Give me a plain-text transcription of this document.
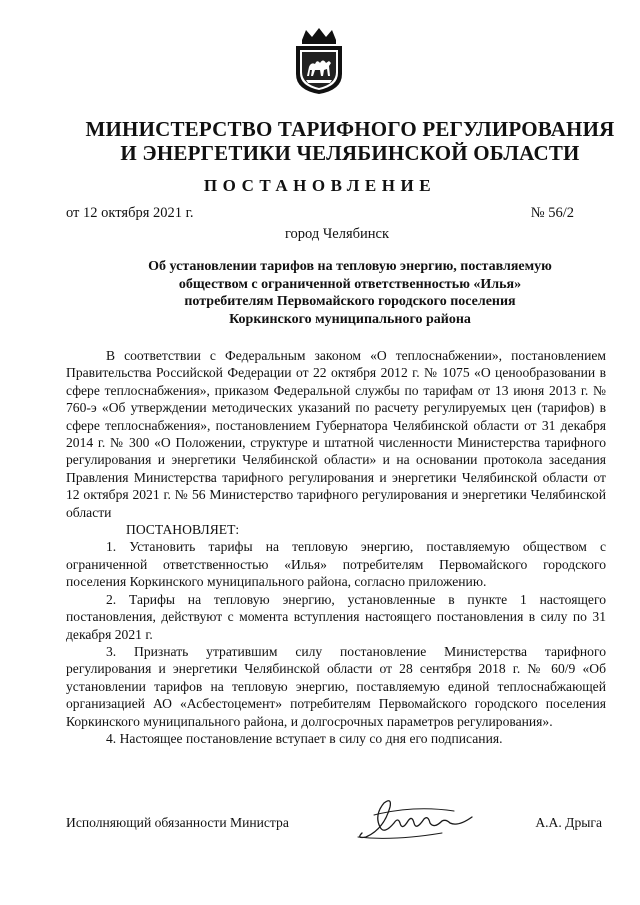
МИНИСТЕРСТВО ТАРИФНОГО РЕГУЛИРОВАНИЯ
И ЭНЕРГЕТИКИ ЧЕЛЯБИНСКОЙ ОБЛАСТИ
ПОСТАНОВЛЕНИЕ
от 12 октября 2021 г.	№ 56/2
город Челябинск
Об установлении тарифов на тепловую энергию, поставляемую
обществом с ограниченной ответственностью «Илья»
потребителям Первомайского городского поселения
Коркинского муниципального района

В соответствии с Федеральным законом «О теплоснабжении», постановлением Правительства Российской Федерации от 22 октября 2012 г. № 1075 «О ценообразовании в сфере теплоснабжения», приказом Федеральной службы по тарифам от 13 июня 2013 г. № 760-э «Об утверждении методических указаний по расчету регулируемых цен (тарифов) в сфере теплоснабжения», постановлением Губернатора Челябинской области от 31 декабря 2014 г. № 300 «О Положении, структуре и штатной численности Министерства тарифного регулирования и энергетики Челябинской области» и на основании протокола заседания Правления Министерства тарифного регулирования и энергетики Челябинской области от 12 октября 2021 г. № 56 Министерство тарифного регулирования и энергетики Челябинской области

ПОСТАНОВЛЯЕТ:

1. Установить тарифы на тепловую энергию, поставляемую обществом с ограниченной ответственностью «Илья» потребителям Первомайского городского поселения Коркинского муниципального района, согласно приложению.

2. Тарифы на тепловую энергию, установленные в пункте 1 настоящего постановления, действуют с момента вступления настоящего постановления в силу по 31 декабря 2021 г.

3. Признать утратившим силу постановление Министерства тарифного регулирования и энергетики Челябинской области от 28 сентября 2018 г. № 60/9 «Об установлении тарифов на тепловую энергию, поставляемую единой теплоснабжающей организацией АО «Асбестоцемент» потребителям Первомайского городского поселения Коркинского муниципального района, и долгосрочных параметров регулирования».

4. Настоящее постановление вступает в силу со дня его подписания.

Исполняющий обязанности Министра	А.А. Дрыга
